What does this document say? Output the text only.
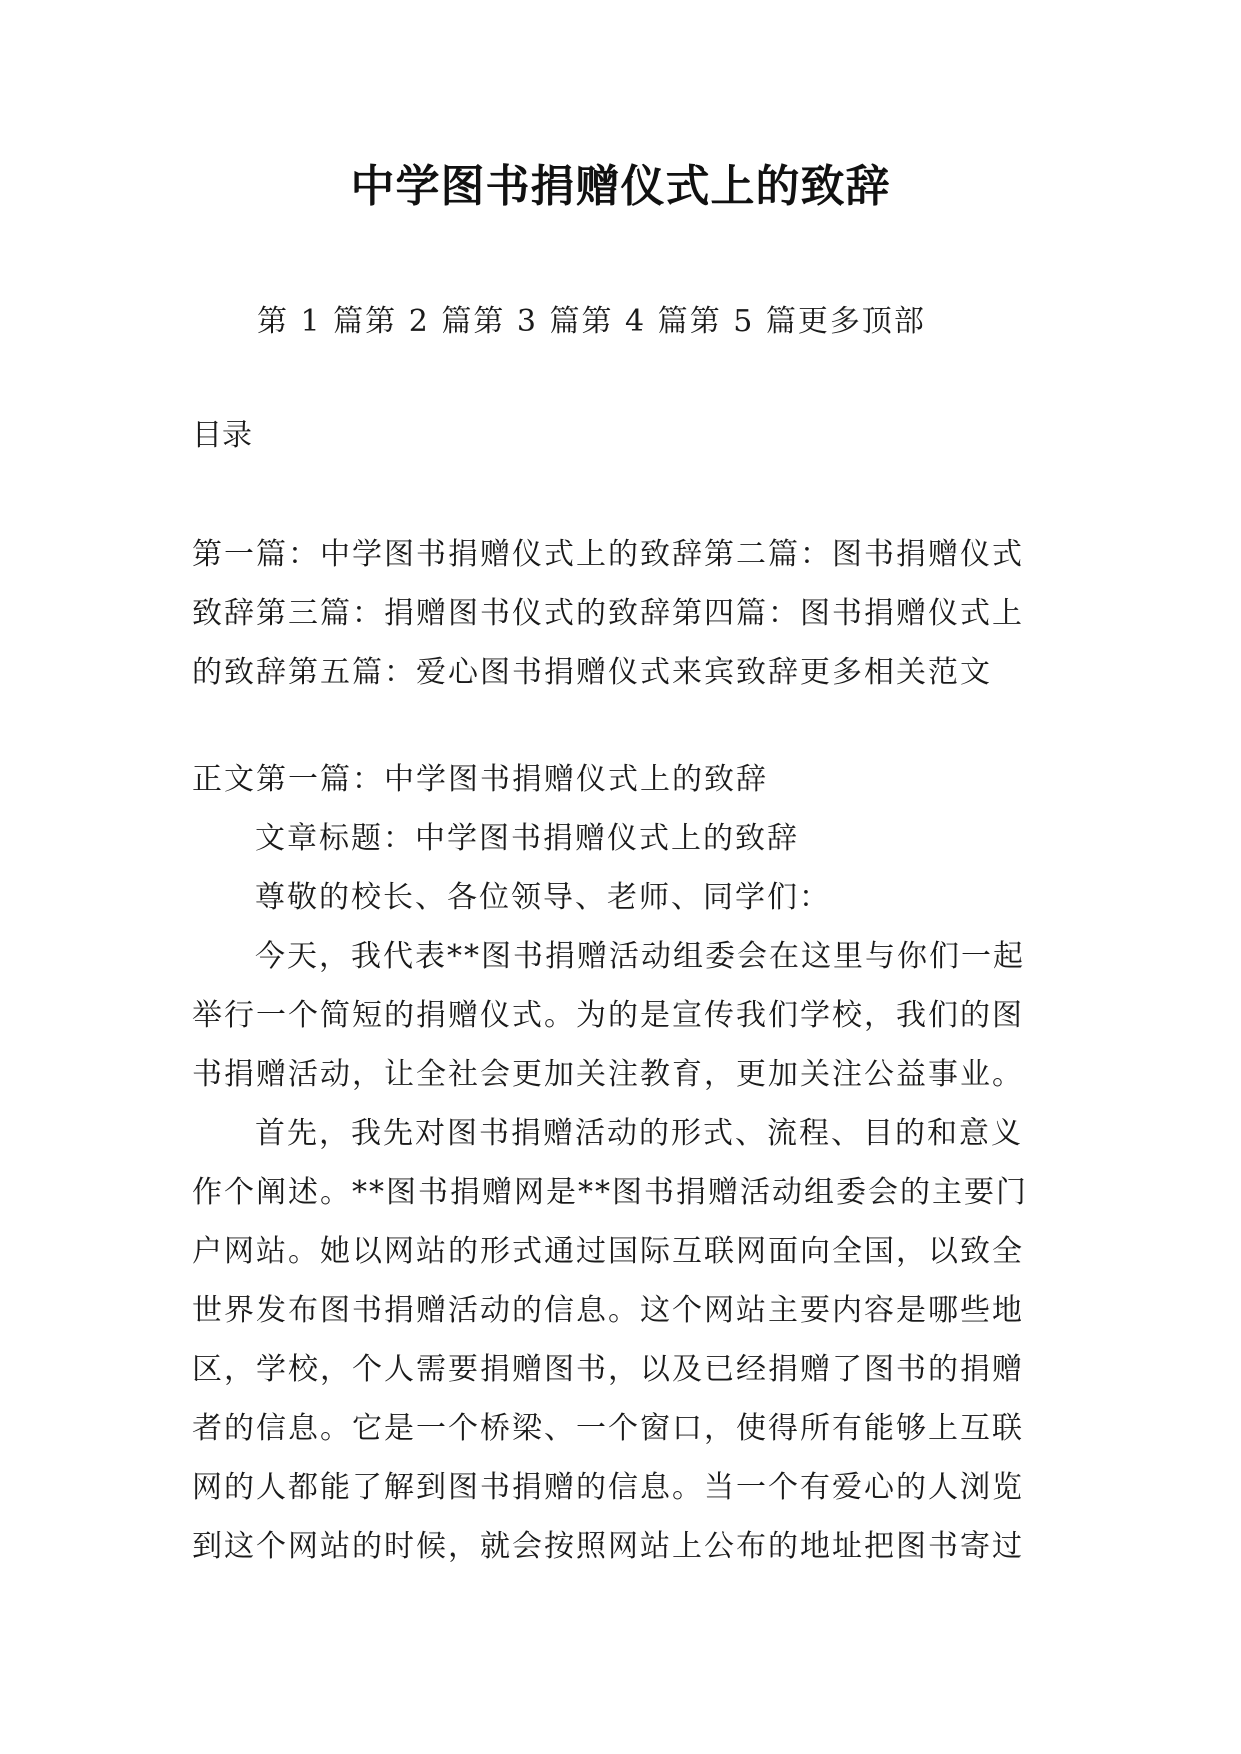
中学图书捐赠仪式上的致辞
第 1 篇第 2 篇第 3 篇第 4 篇第 5 篇更多顶部
目录

第一篇：中学图书捐赠仪式上的致辞第二篇：图书捐赠仪式

致辞第三篇：捐赠图书仪式的致辞第四篇：图书捐赠仪式上

的致辞第五篇：爱心图书捐赠仪式来宾致辞更多相关范文

正文第一篇：中学图书捐赠仪式上的致辞

文章标题：中学图书捐赠仪式上的致辞

尊敬的校长、各位领导、老师、同学们：

今天，我代表**图书捐赠活动组委会在这里与你们一起
举行一个简短的捐赠仪式。为的是宣传我们学校，我们的图
书捐赠活动，让全社会更加关注教育，更加关注公益事业。

首先，我先对图书捐赠活动的形式、流程、目的和意义
作个阐述。**图书捐赠网是**图书捐赠活动组委会的主要门
户网站。她以网站的形式通过国际互联网面向全国，以致全
世界发布图书捐赠活动的信息。这个网站主要内容是哪些地
区，学校，个人需要捐赠图书，以及已经捐赠了图书的捐赠
者的信息。它是一个桥梁、一个窗口，使得所有能够上互联
网的人都能了解到图书捐赠的信息。当一个有爱心的人浏览
到这个网站的时候，就会按照网站上公布的地址把图书寄过
